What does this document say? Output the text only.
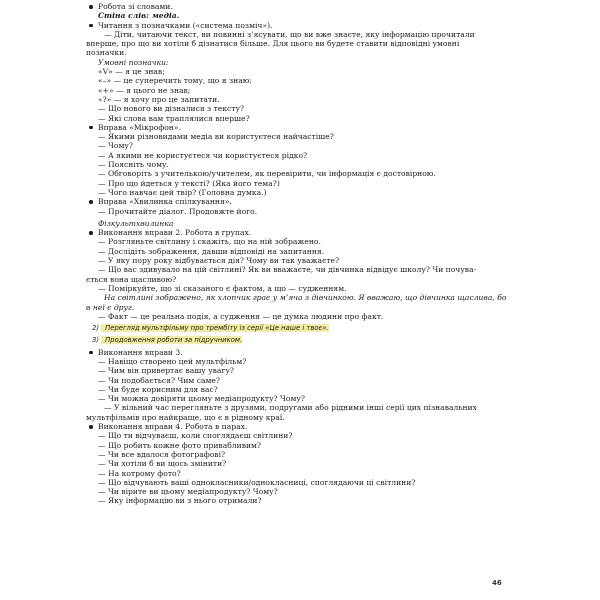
Робота зі словами.
Стіна слів: медіа.
Читання з позначками («система позміч»).
— Діти, читаючи текст, ви повинні з’ясувати, що ви вже знаєте, яку інформацію прочитали
вперше, про що ви хотіли б дізнатися більше. Для цього ви будете ставити відповідні умовні
позначки.
Умовні позначки:
«V» — я це знав;
«–» — це суперечить тому, що я знаю;
«+» — я цього не знав;
«?» — я хочу про це запитати.
— Що нового ви дізналися з тексту?
— Які слова вам траплялися вперше?
Вправа «Мікрофон».
— Якими різновидами медіа ви користуєтеся найчастіше?
— Чому?
— А якими не користуєтеся чи користуєтеся рідко?
— Поясніть чому.
— Обговоріть з учителькою/учителем, як перевірити, чи інформація є достовірною.
— Про що йдеться у тексті? (Яка його тема?)
— Чого навчає цей твір? (Головна думка.)
Вправа «Хвилинка спілкування».
— Прочитайте діалог. Продовжте його.
Фізкультхвилинка
Виконання вправи 2. Робота в групах.
— Розгляньте світлину і скажіть, що на ній зображено.
— Дослідіть зображення, давши відповіді на запитання.
— У яку пору року відбувається дія? Чому ви так уважаєте?
— Що вас здивувало на цій світлині? Як ви вважаєте, чи дівчинка відвідує школу? Чи почува-
ється вона щасливою?
— Поміркуйте, що зі сказаного є фактом, а що — судженням.
На світлині зображено, як хлопчик грає у м’яча з дівчинкою. Я вважаю, що дівчинка щаслива, бо
в неї є друг.
— Факт — це реальна подія, а судження — це думка людини про факт.
2) Перегляд мультфільму про трембіту із серії «Це наше і твоє».
3) Продовження роботи за підручником.
Виконання вправи 3.
— Навіщо створено цей мультфільм?
— Чим він привертає вашу увагу?
— Чи подобається? Чим саме?
— Чи буде корисним для вас?
— Чи можна довіряти цьому медіапродукту? Чому?
— У вільний час перегляньте з друзями, подругами або рідними інші серії цих пізнавальних
мультфільмів про найкраще, що є в рідному краї.
Виконання вправи 4. Робота в парах.
— Що ти відчуваєш, коли споглядаєш світлини?
— Що робить кожне фото привабливим?
— Чи все вдалося фотографові?
— Чи хотіли б ви щось змінити?
— На котрому фото?
— Що відчувають ваші однокласники/однокласниці, споглядаючи ці світлини?
— Чи вірите ви цьому медіапродукту? Чому?
— Яку інформацію ви з нього отримали?
46
